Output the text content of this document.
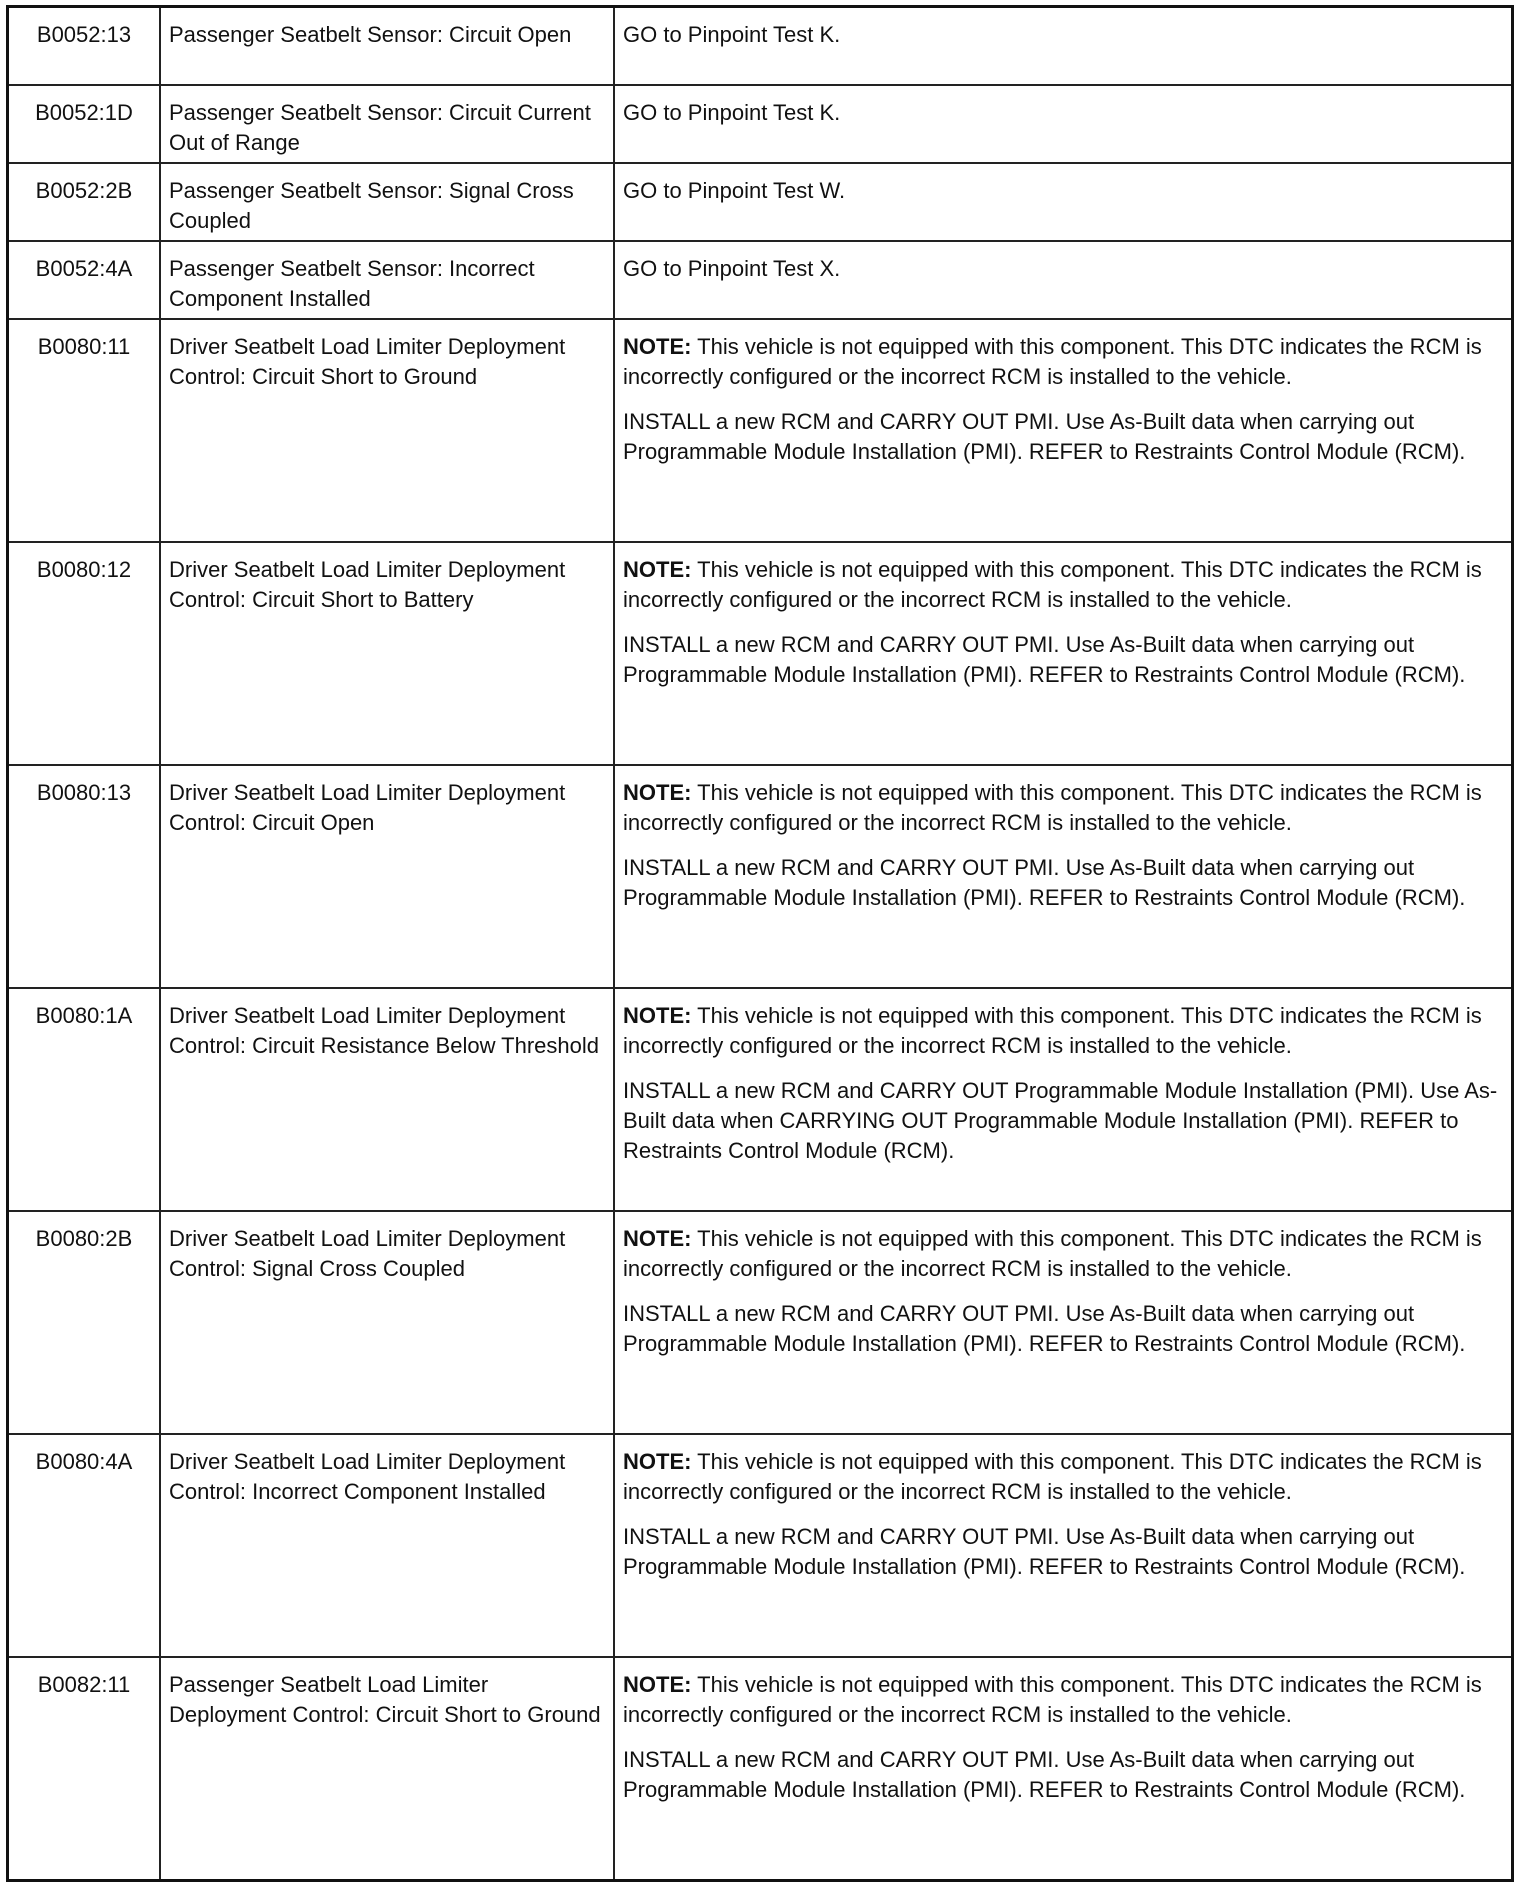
B0052:13	Passenger Seatbelt Sensor: Circuit Open	GO to Pinpoint Test K.

B0052:1D	Passenger Seatbelt Sensor: Circuit Current Out of Range	GO to Pinpoint Test K.

B0052:2B	Passenger Seatbelt Sensor: Signal Cross Coupled	GO to Pinpoint Test W.

B0052:4A	Passenger Seatbelt Sensor: Incorrect Component Installed	GO to Pinpoint Test X.

B0080:11	Driver Seatbelt Load Limiter Deployment Control: Circuit Short to Ground	NOTE: This vehicle is not equipped with this component. This DTC indicates the RCM is incorrectly configured or the incorrect RCM is installed to the vehicle.

INSTALL a new RCM and CARRY OUT PMI. Use As-Built data when carrying out Programmable Module Installation (PMI). REFER to Restraints Control Module (RCM).

B0080:12	Driver Seatbelt Load Limiter Deployment Control: Circuit Short to Battery	NOTE: This vehicle is not equipped with this component. This DTC indicates the RCM is incorrectly configured or the incorrect RCM is installed to the vehicle.

INSTALL a new RCM and CARRY OUT PMI. Use As-Built data when carrying out Programmable Module Installation (PMI). REFER to Restraints Control Module (RCM).

B0080:13	Driver Seatbelt Load Limiter Deployment Control: Circuit Open	NOTE: This vehicle is not equipped with this component. This DTC indicates the RCM is incorrectly configured or the incorrect RCM is installed to the vehicle.

INSTALL a new RCM and CARRY OUT PMI. Use As-Built data when carrying out Programmable Module Installation (PMI). REFER to Restraints Control Module (RCM).

B0080:1A	Driver Seatbelt Load Limiter Deployment Control: Circuit Resistance Below Threshold	NOTE: This vehicle is not equipped with this component. This DTC indicates the RCM is incorrectly configured or the incorrect RCM is installed to the vehicle.

INSTALL a new RCM and CARRY OUT Programmable Module Installation (PMI). Use As-Built data when CARRYING OUT Programmable Module Installation (PMI). REFER to Restraints Control Module (RCM).

B0080:2B	Driver Seatbelt Load Limiter Deployment Control: Signal Cross Coupled	NOTE: This vehicle is not equipped with this component. This DTC indicates the RCM is incorrectly configured or the incorrect RCM is installed to the vehicle.

INSTALL a new RCM and CARRY OUT PMI. Use As-Built data when carrying out Programmable Module Installation (PMI). REFER to Restraints Control Module (RCM).

B0080:4A	Driver Seatbelt Load Limiter Deployment Control: Incorrect Component Installed	NOTE: This vehicle is not equipped with this component. This DTC indicates the RCM is incorrectly configured or the incorrect RCM is installed to the vehicle.

INSTALL a new RCM and CARRY OUT PMI. Use As-Built data when carrying out Programmable Module Installation (PMI). REFER to Restraints Control Module (RCM).

B0082:11	Passenger Seatbelt Load Limiter Deployment Control: Circuit Short to Ground	NOTE: This vehicle is not equipped with this component. This DTC indicates the RCM is incorrectly configured or the incorrect RCM is installed to the vehicle.

INSTALL a new RCM and CARRY OUT PMI. Use As-Built data when carrying out Programmable Module Installation (PMI). REFER to Restraints Control Module (RCM).
